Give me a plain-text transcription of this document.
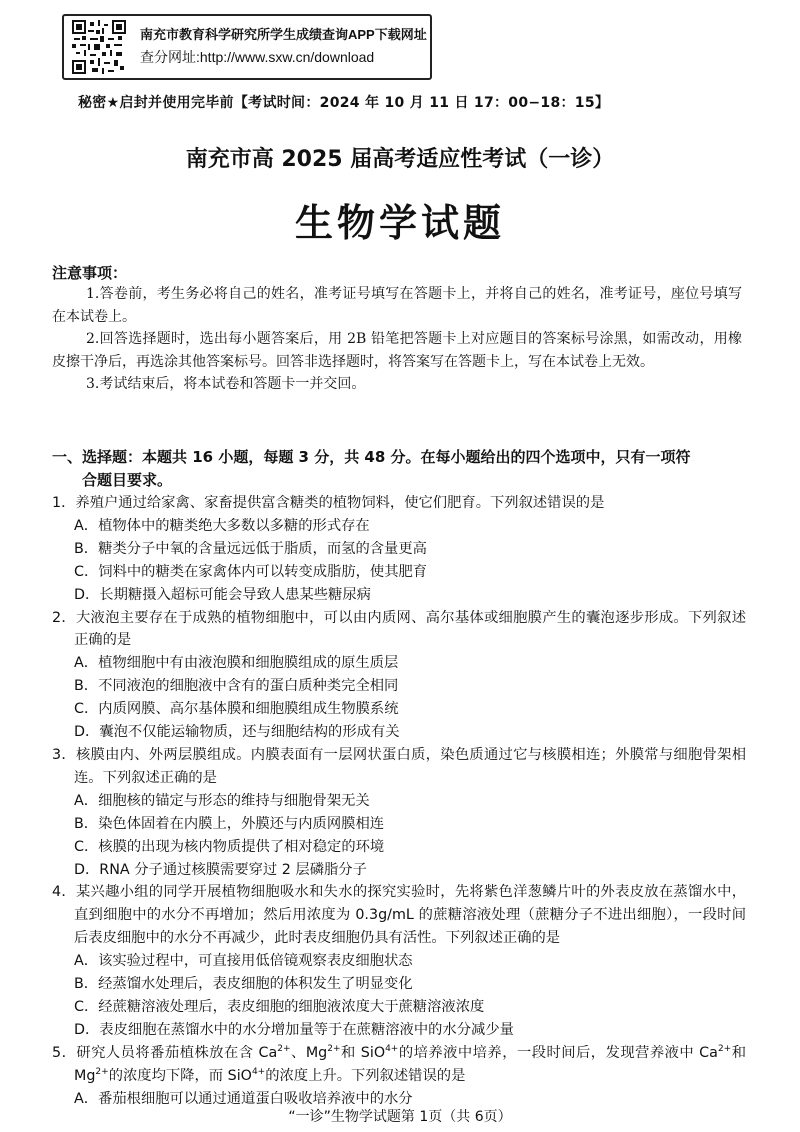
南充市教育科学研究所学生成绩查询APP下载网址
查分网址:http://www.sxw.cn/download
秘密★启封并使用完毕前【考试时间：2024 年 10 月 11 日 17：00−18：15】
南充市高 2025 届高考适应性考试（一诊）
生物学试题
注意事项：

1.答卷前，考生务必将自己的姓名，准考证号填写在答题卡上，并将自己的姓名，准考证号，座位号填写在本试卷上。

2.回答选择题时，选出每小题答案后，用 2B 铅笔把答题卡上对应题目的答案标号涂黑，如需改动，用橡皮擦干净后，再选涂其他答案标号。回答非选择题时，将答案写在答题卡上，写在本试卷上无效。

3.考试结束后，将本试卷和答题卡一并交回。

一、选择题：本题共 16 小题，每题 3 分，共 48 分。在每小题给出的四个选项中，只有一项符
合题目要求。
1．养殖户通过给家禽、家畜提供富含糖类的植物饲料，使它们肥育。下列叙述错误的是
A．植物体中的糖类绝大多数以多糖的形式存在
B．糖类分子中氧的含量远远低于脂质，而氢的含量更高
C．饲料中的糖类在家禽体内可以转变成脂肪，使其肥育
D．长期糖摄入超标可能会导致人患某些糖尿病
2．大液泡主要存在于成熟的植物细胞中，可以由内质网、高尔基体或细胞膜产生的囊泡逐步形成。下列叙述正确的是
A．植物细胞中有由液泡膜和细胞膜组成的原生质层
B．不同液泡的细胞液中含有的蛋白质种类完全相同
C．内质网膜、高尔基体膜和细胞膜组成生物膜系统
D．囊泡不仅能运输物质，还与细胞结构的形成有关
3．核膜由内、外两层膜组成。内膜表面有一层网状蛋白质，染色质通过它与核膜相连；外膜常与细胞骨架相连。下列叙述正确的是
A．细胞核的锚定与形态的维持与细胞骨架无关
B．染色体固着在内膜上，外膜还与内质网膜相连
C．核膜的出现为核内物质提供了相对稳定的环境
D．RNA 分子通过核膜需要穿过 2 层磷脂分子
4．某兴趣小组的同学开展植物细胞吸水和失水的探究实验时，先将紫色洋葱鳞片叶的外表皮放在蒸馏水中，直到细胞中的水分不再增加；然后用浓度为 0.3g/mL 的蔗糖溶液处理（蔗糖分子不进出细胞），一段时间后表皮细胞中的水分不再减少，此时表皮细胞仍具有活性。下列叙述正确的是
A．该实验过程中，可直接用低倍镜观察表皮细胞状态
B．经蒸馏水处理后，表皮细胞的体积发生了明显变化
C．经蔗糖溶液处理后，表皮细胞的细胞液浓度大于蔗糖溶液浓度
D．表皮细胞在蒸馏水中的水分增加量等于在蔗糖溶液中的水分减少量
5．研究人员将番茄植株放在含 $Ca^{2+}$、$Mg^{2+}$和 SiO$^{4+}$的培养液中培养，一段时间后，发现营养液中 $Ca^{2+}$和 $Mg^{2+}$的浓度均下降，而 SiO$^{4+}$的浓度上升。下列叙述错误的是
A．番茄根细胞可以通过通道蛋白吸收培养液中的水分
“一诊”生物学试题第 1页（共 6页）
